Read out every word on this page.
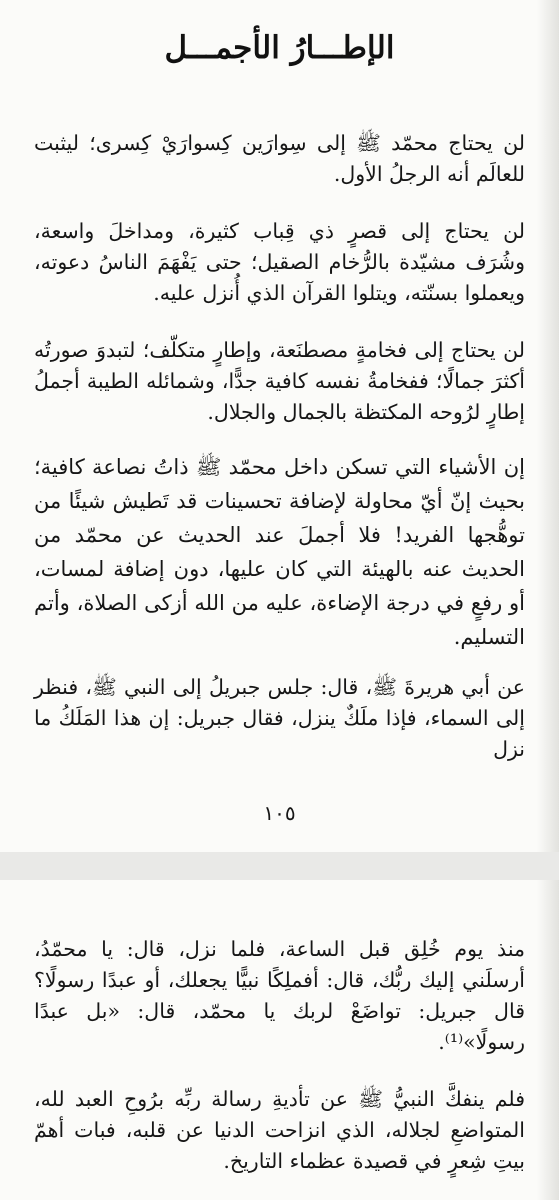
الإطـــارُ الأجمـــل

لن يحتاج محمّد ﷺ إلى سِوارَين كِسوارَيْ كِسرى؛ ليثبت للعالَم أنه الرجلُ الأول.

لن يحتاج إلى قصرٍ ذي قِباب كثيرة، ومداخلَ واسعة، وشُرَف مشيّدة بالرُّخام الصقيل؛ حتى يَفْهَمَ الناسُ دعوته، ويعملوا بسنّته، ويتلوا القرآن الذي أُنزل عليه.

لن يحتاج إلى فخامةٍ مصطنَعة، وإطارٍ متكلّف؛ لتبدوَ صورتُه أكثرَ جمالًا؛ ففخامةُ نفسه كافية جدًّا، وشمائله الطيبة أجملُ إطارٍ لرُوحه المكتظة بالجمال والجلال.

إن الأشياء التي تسكن داخل محمّد ﷺ ذاتُ نصاعة كافية؛ بحيث إنّ أيّ محاولة لإضافة تحسينات قد تَطيش شيئًا من توهُّجها الفريد! فلا أجملَ عند الحديث عن محمّد من الحديث عنه بالهيئة التي كان عليها، دون إضافة لمسات، أو رفعٍ في درجة الإضاءة، عليه من الله أزكى الصلاة، وأتم التسليم.

عن أبي هريرةَ ﷺ، قال: جلس جبريلُ إلى النبي ﷺ، فنظر إلى السماء، فإذا ملَكٌ ينزل، فقال جبريل: إن هذا المَلَكُ ما نزل

١٠٥

منذ يوم خُلِق قبل الساعة، فلما نزل، قال: يا محمّدُ، أرسلَني إليك ربُّك، قال: أفملِكًا نبيًّا يجعلك، أو عبدًا رسولًا؟ قال جبريل: تواضَعْ لربك يا محمّد، قال: «بل عبدًا رسولًا»⁽¹⁾.

فلم ينفكَّ النبيُّ ﷺ عن تأديةِ رسالة ربِّه برُوحِ العبد لله، المتواضعِ لجلاله، الذي انزاحت الدنيا عن قلبه، فبات أهمّ بيتِ شِعرٍ في قصيدة عظماء التاريخ.
